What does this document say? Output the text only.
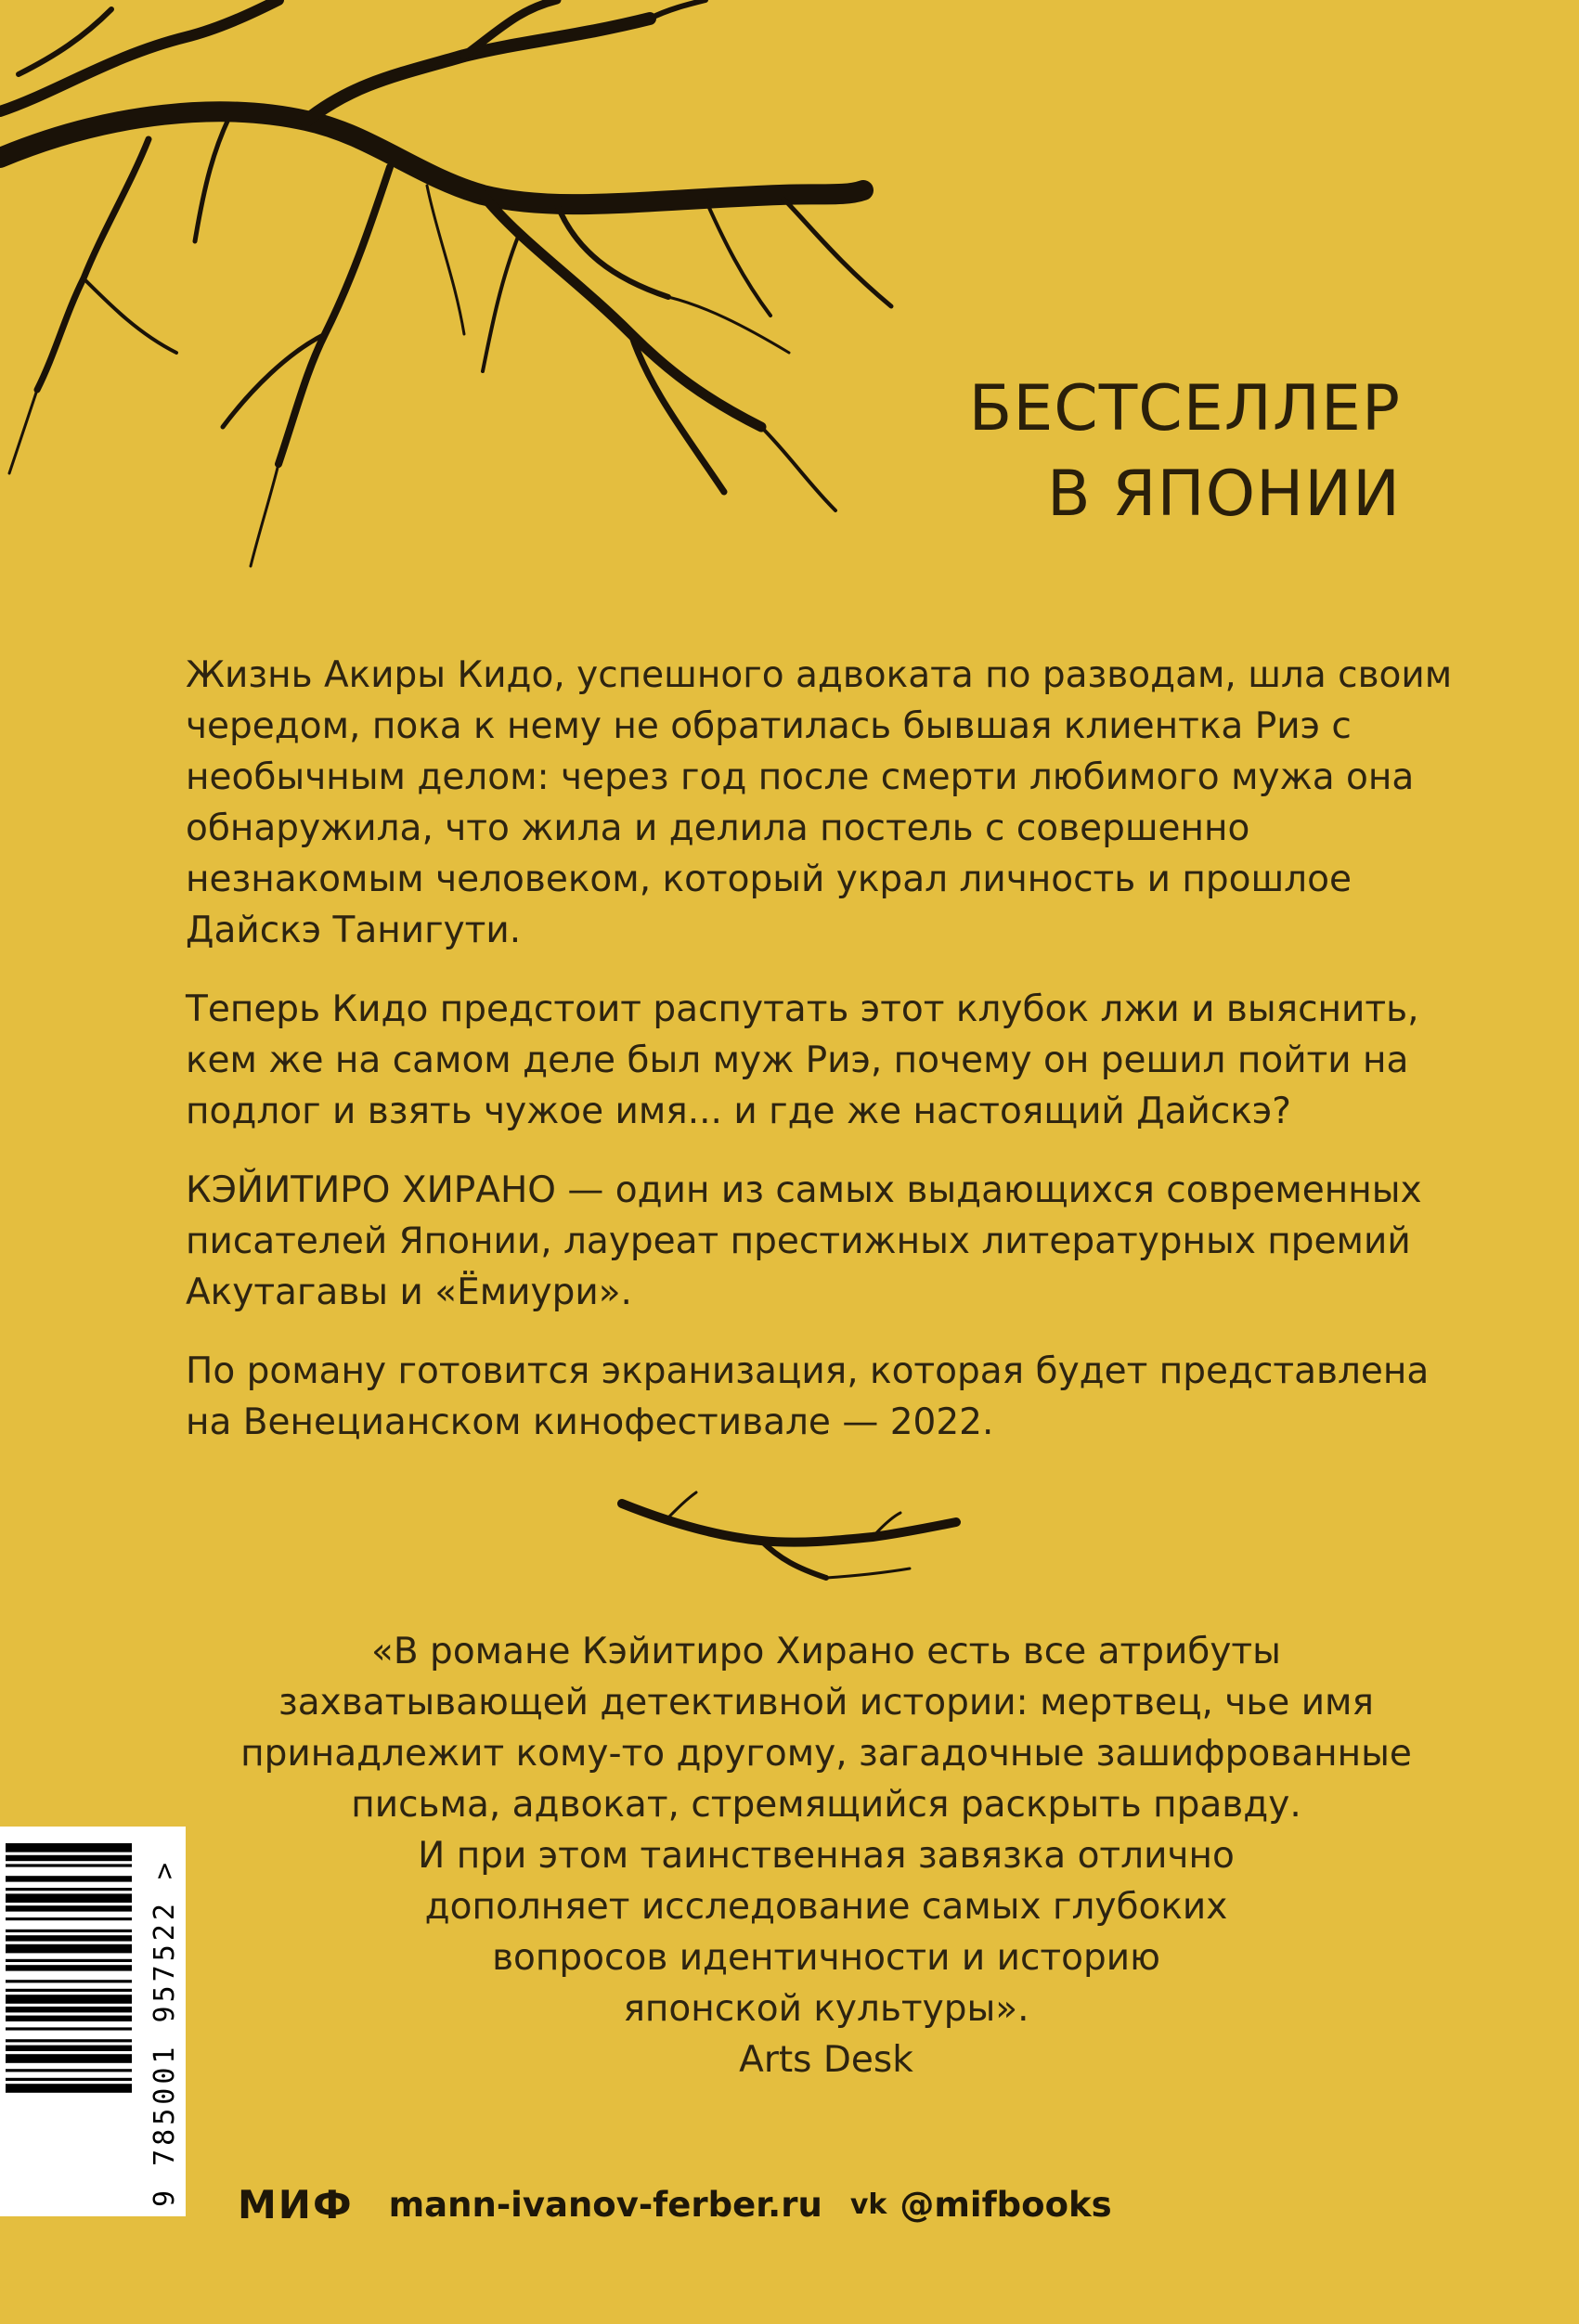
БЕСТСЕЛЛЕР
В ЯПОНИИ

Жизнь Акиры Кидо, успешного адвоката по разводам, шла своим чередом, пока к нему не обратилась бывшая клиентка Риэ с необычным делом: через год после смерти любимого мужа она обнаружила, что жила и делила постель с совершенно незнакомым человеком, который украл личность и прошлое Дайскэ Танигути.

Теперь Кидо предстоит распутать этот клубок лжи и выяснить, кем же на самом деле был муж Риэ, почему он решил пойти на подлог и взять чужое имя... и где же настоящий Дайскэ?

КЭЙИТИРО ХИРАНО — один из самых выдающихся современных писателей Японии, лауреат престижных литературных премий Акутагавы и «Ёмиури».

По роману готовится экранизация, которая будет представлена на Венецианском кинофестивале — 2022.

«В романе Кэйитиро Хирано есть все атрибуты

захватывающей детективной истории: мертвец, чье имя

принадлежит кому-то другому, загадочные зашифрованные

письма, адвокат, стремящийся раскрыть правду.

И при этом таинственная завязка отлично

дополняет исследование самых глубоких

вопросов идентичности и историю

японской культуры».

Arts Desk

9 785001 957522 > МИФ mann-ivanov-ferber.ru vk @mifbooks
